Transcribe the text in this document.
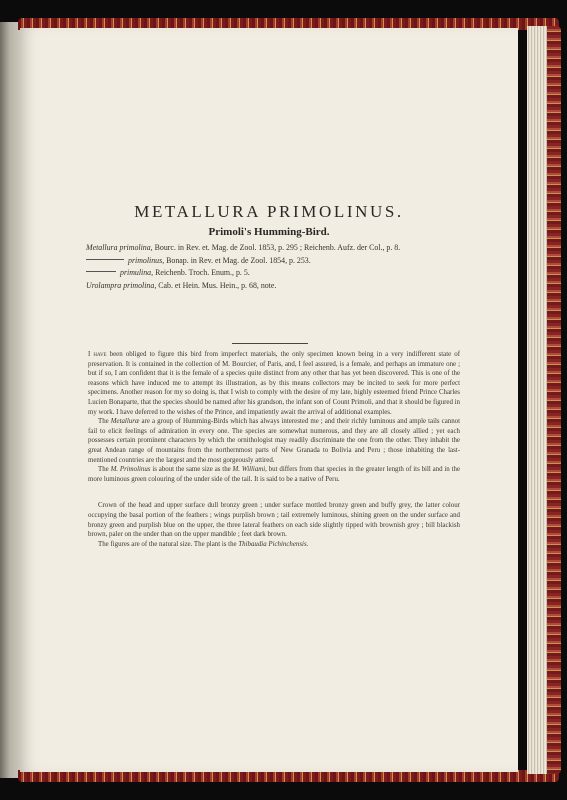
METALLURA PRIMOLINUS.
Primoli's Humming-Bird.

Metallura primolina, Bourc. in Rev. et. Mag. de Zool. 1853, p. 295 ; Reichenb. Aufz. der Col., p. 8.

primolinus, Bonap. in Rev. et Mag. de Zool. 1854, p. 253.

primulina, Reichenb. Troch. Enum., p. 5.

Urolampra primolina, Cab. et Hein. Mus. Hein., p. 68, note.

I have been obliged to figure this bird from imperfect materials, the only specimen known being in a very indifferent state of preservation. It is contained in the collection of M. Bourcier, of Paris, and, I feel assured, is a female, and perhaps an immature one ; but if so, I am confident that it is the female of a species quite distinct from any other that has yet been discovered. This is one of the reasons which have induced me to attempt its illustration, as by this means collectors may be incited to seek for more perfect specimens. Another reason for my so doing is, that I wish to comply with the desire of my late, highly esteemed friend Prince Charles Lucien Bonaparte, that the species should be named after his grandson, the infant son of Count Primoli, and that it should be figured in my work. I have deferred to the wishes of the Prince, and impatiently await the arrival of additional examples.

The Metalluræ are a group of Humming-Birds which has always interested me ; and their richly luminous and ample tails cannot fail to elicit feelings of admiration in every one. The species are somewhat numerous, and they are all closely allied ; yet each possesses certain prominent characters by which the ornithologist may readily discriminate the one from the other. They inhabit the great Andean range of mountains from the northernmost parts of New Granada to Bolivia and Peru ; those inhabiting the last-mentioned countries are the largest and the most gorgeously attired.

The M. Primolinus is about the same size as the M. Williami, but differs from that species in the greater length of its bill and in the more luminous green colouring of the under side of the tail. It is said to be a native of Peru.

Crown of the head and upper surface dull bronzy green ; under surface mottled bronzy green and buffy grey, the latter colour occupying the basal portion of the feathers ; wings purplish brown ; tail extremely luminous, shining green on the under surface and bronzy green and purplish blue on the upper, the three lateral feathers on each side slightly tipped with brownish grey ; bill blackish brown, paler on the under than on the upper mandible ; feet dark brown.

The figures are of the natural size. The plant is the Thibaudia Pichinchensis.
